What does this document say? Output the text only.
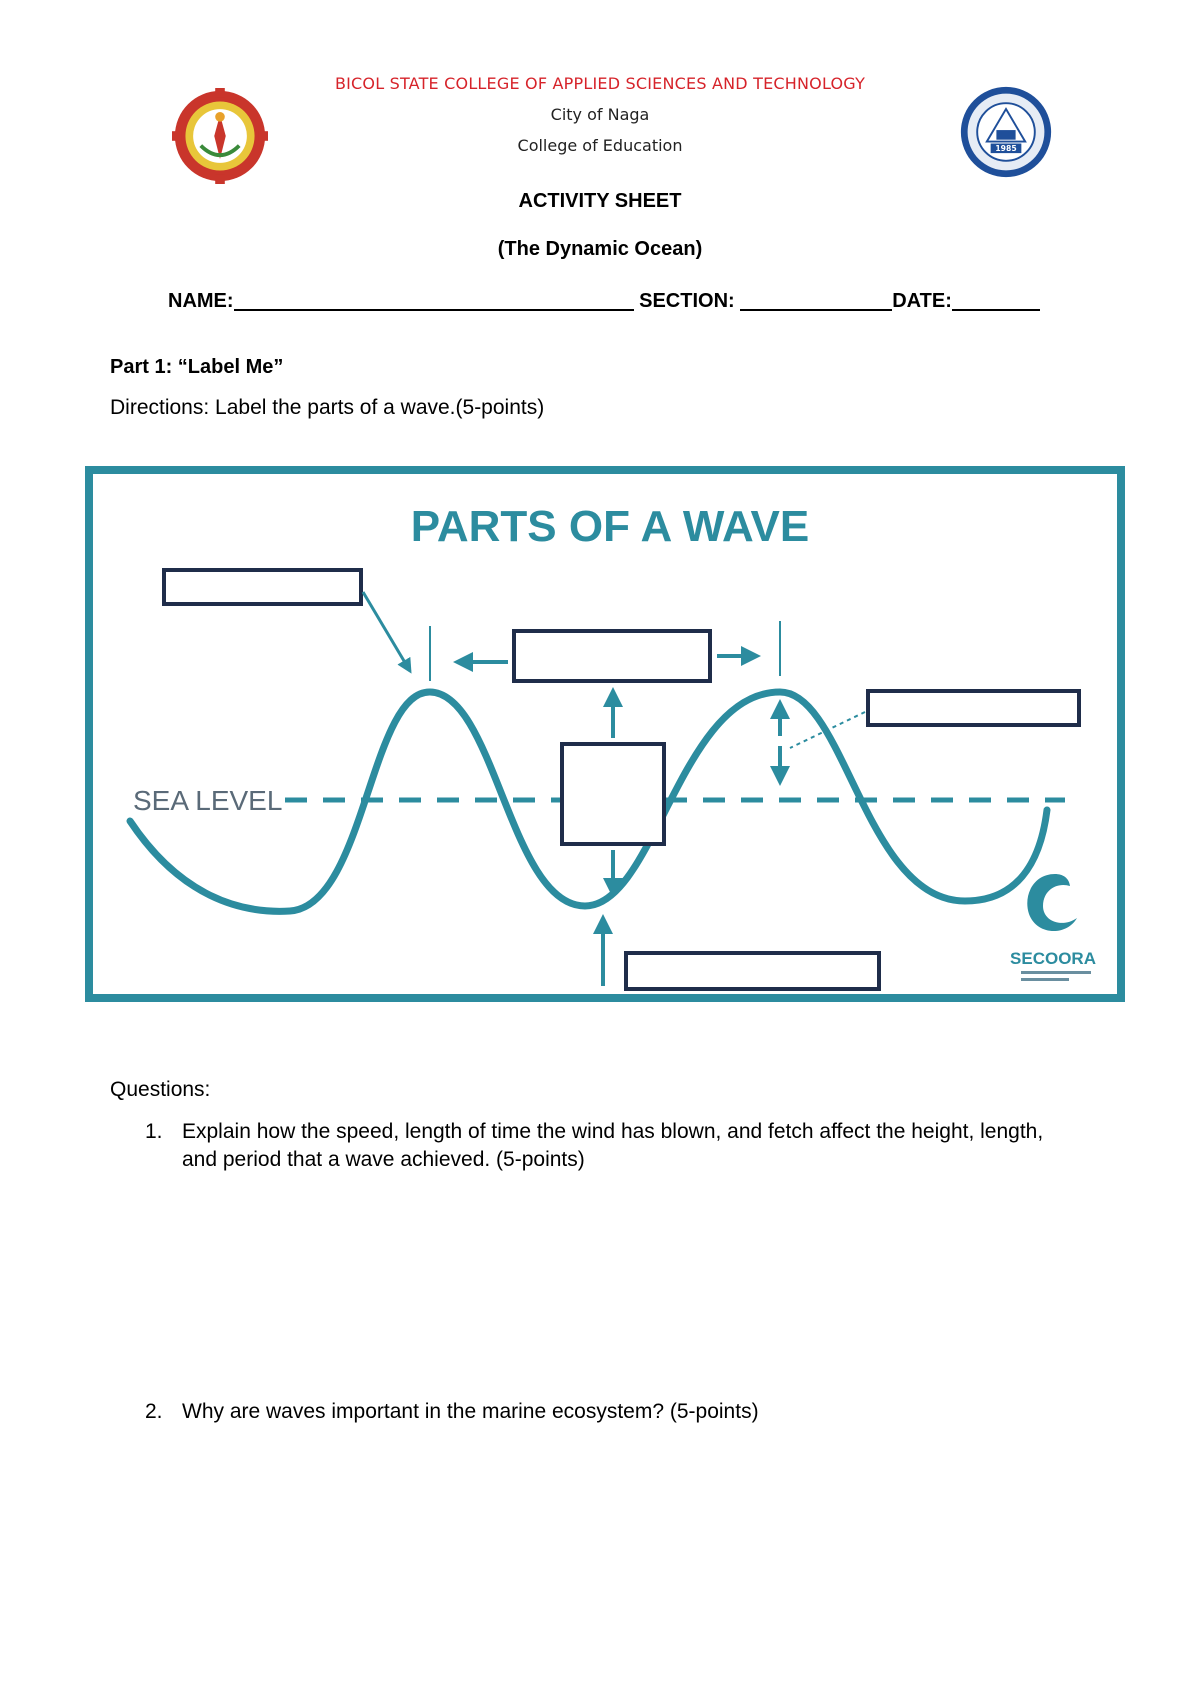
1985
BICOL STATE COLLEGE OF APPLIED SCIENCES AND TECHNOLOGY
City of Naga
College of Education
ACTIVITY SHEET
(The Dynamic Ocean)
NAME:	SECTION:	DATE:
Part 1: “Label Me”
Directions: Label the parts of a wave.(5-points)
PARTS OF A WAVE
SEA LEVEL
SECOORA
Questions:
1. Explain how the speed, length of time the wind has blown, and fetch affect the height, length, and period that a wave achieved. (5-points)
2. Why are waves important in the marine ecosystem? (5-points)
